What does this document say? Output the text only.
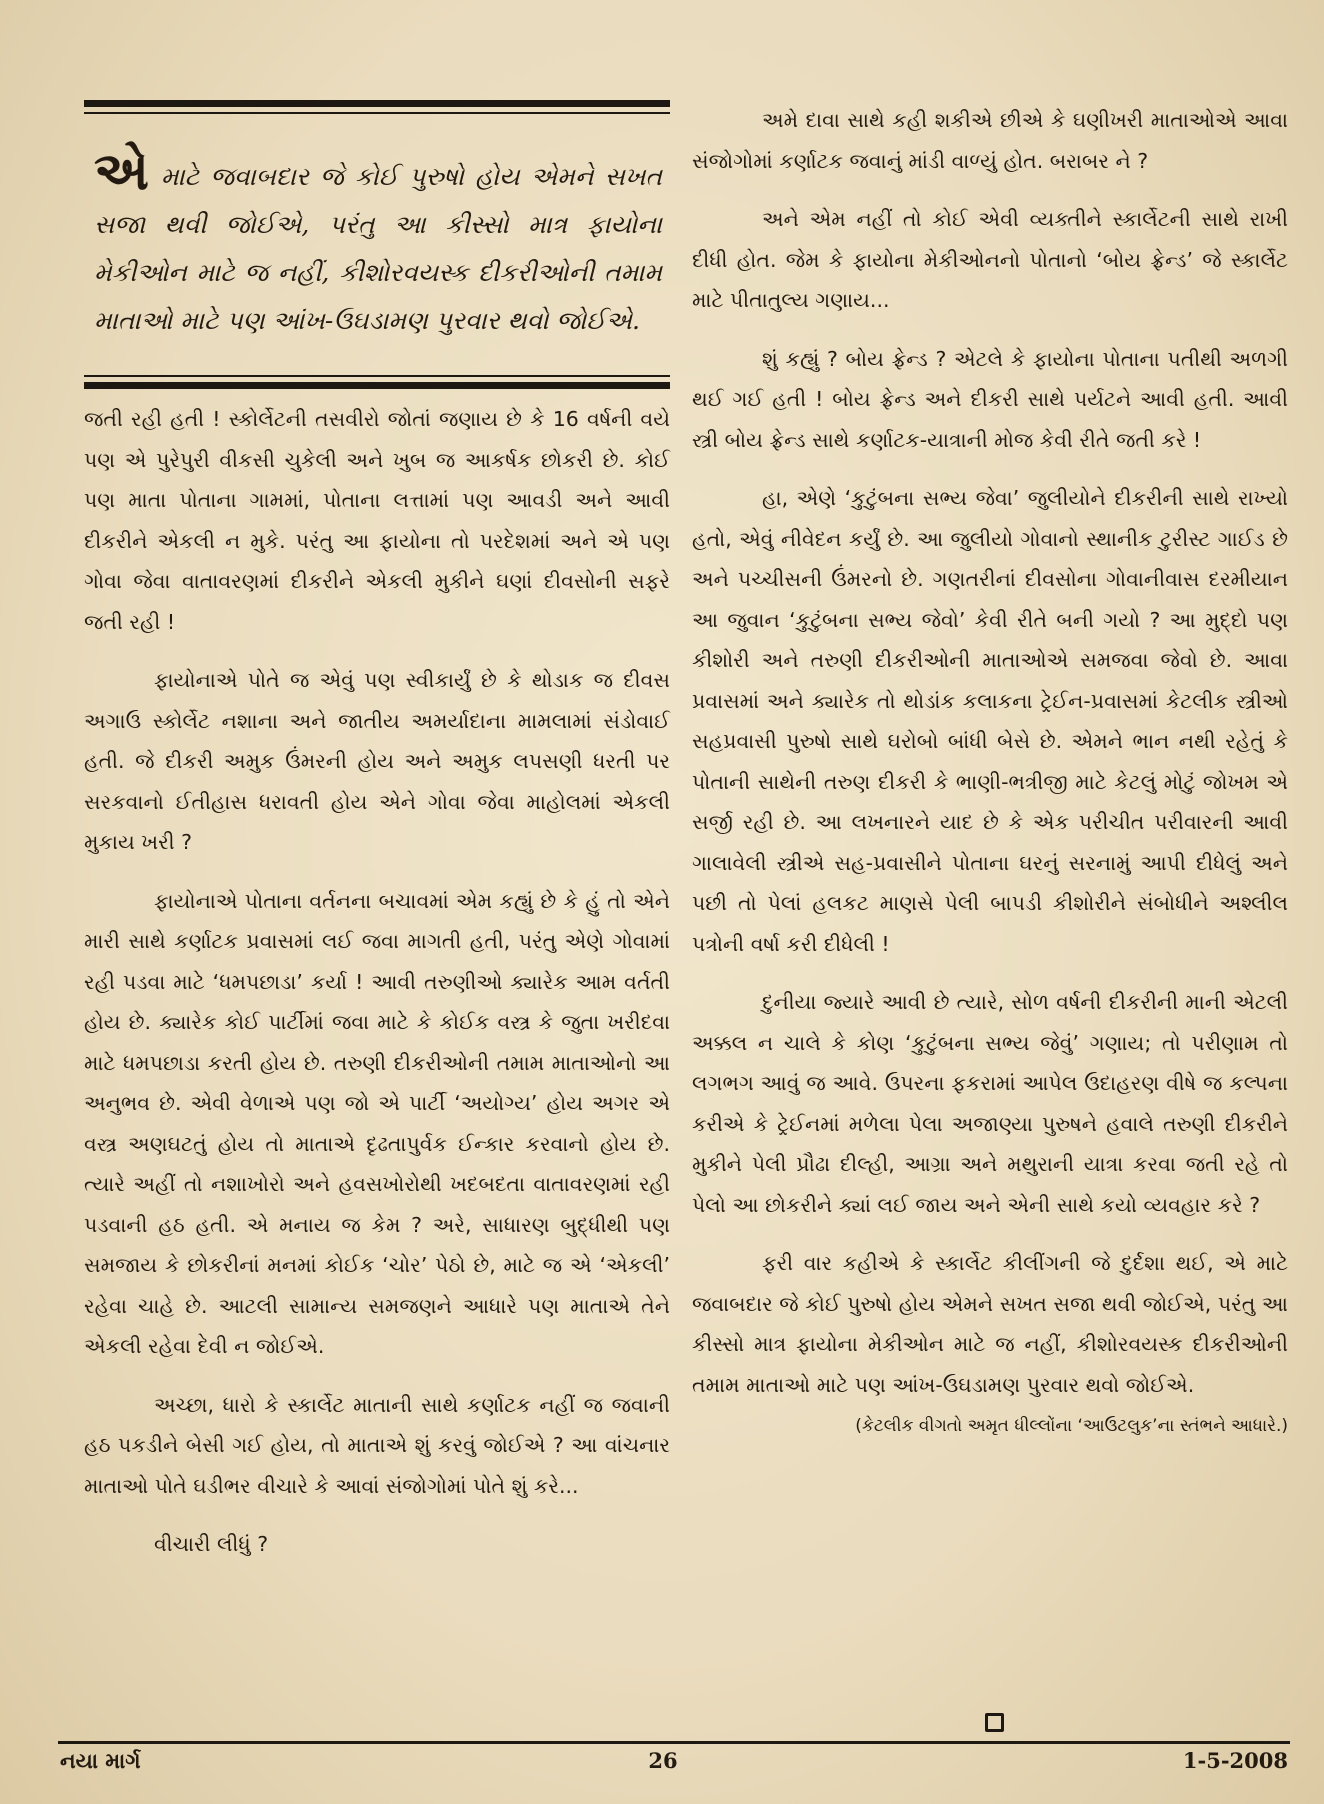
એમાટે જવાબદાર જે કોઈ પુરુષો હોય એમને સખત સજા થવી જોઈએ, પરંતુ આ કીસ્સો માત્ર ફાયોના મેકીઓન માટે જ નહીં, કીશોરવયસ્ક દીકરીઓની તમામ માતાઓ માટે પણ આંખ-ઉઘડામણ પુરવાર થવો જોઈએ.

જતી રહી હતી ! સ્કોર્લેટની તસવીરો જોતાં જણાય છે કે 16 વર્ષની વયે પણ એ પુરેપુરી વીકસી ચુકેલી અને ખુબ જ આકર્ષક છોકરી છે. કોઈ પણ માતા પોતાના ગામમાં, પોતાના લત્તામાં પણ આવડી અને આવી દીકરીને એકલી ન મુકે. પરંતુ આ ફાયોના તો પરદેશમાં અને એ પણ ગોવા જેવા વાતાવરણમાં દીકરીને એકલી મુકીને ઘણાં દીવસોની સફરે જતી રહી !

ફાયોનાએ પોતે જ એવું પણ સ્વીકાર્યું છે કે થોડાક જ દીવસ અગાઉ સ્કોર્લેટ નશાના અને જાતીય અમર્યાદાના મામલામાં સંડોવાઈ હતી. જે દીકરી અમુક ઉંમરની હોય અને અમુક લપસણી ધરતી પર સરકવાનો ઈતીહાસ ધરાવતી હોય એને ગોવા જેવા માહોલમાં એકલી મુકાય ખરી ?

ફાયોનાએ પોતાના વર્તનના બચાવમાં એમ કહ્યું છે કે હું તો એને મારી સાથે કર્ણાટક પ્રવાસમાં લઈ જવા માગતી હતી, પરંતુ એણે ગોવામાં રહી પડવા માટે ‘ધમપછાડા’ કર્યા ! આવી તરુણીઓ ક્યારેક આમ વર્તતી હોય છે. ક્યારેક કોઈ પાર્ટીમાં જવા માટે કે કોઈક વસ્ત્ર કે જુતા ખરીદવા માટે ધમપછાડા કરતી હોય છે. તરુણી દીકરીઓની તમામ માતાઓનો આ અનુભવ છે. એવી વેળાએ પણ જો એ પાર્ટી ‘અયોગ્ય’ હોય અગર એ વસ્ત્ર અણઘટતું હોય તો માતાએ દૃઢતાપુર્વક ઈન્કાર કરવાનો હોય છે. ત્યારે અહીં તો નશાખોરો અને હવસખોરોથી ખદબદતા વાતાવરણમાં રહી પડવાની હઠ હતી. એ મનાય જ કેમ ? અરે, સાધારણ બુદ્ધીથી પણ સમજાય કે છોકરીનાં મનમાં કોઈક ‘ચોર’ પેઠો છે, માટે જ એ ‘એકલી’ રહેવા ચાહે છે. આટલી સામાન્ય સમજણને આધારે પણ માતાએ તેને એકલી રહેવા દેવી ન જોઈએ.

અચ્છા, ધારો કે સ્કાર્લેટ માતાની સાથે કર્ણાટક નહીં જ જવાની હઠ પકડીને બેસી ગઈ હોય, તો માતાએ શું કરવું જોઈએ ? આ વાંચનાર માતાઓ પોતે ઘડીભર વીચારે કે આવાં સંજોગોમાં પોતે શું કરે...

વીચારી લીધું ?

અમે દાવા સાથે કહી શકીએ છીએ કે ઘણીખરી માતાઓએ આવા સંજોગોમાં કર્ણાટક જવાનું માંડી વાળ્યું હોત. બરાબર ને ?

અને એમ નહીં તો કોઈ એવી વ્યક્તીને સ્કાર્લેટની સાથે રાખી દીધી હોત. જેમ કે ફાયોના મેકીઓનનો પોતાનો ‘બોય ફ્રેન્ડ’ જે સ્કાર્લેટ માટે પીતાતુલ્ય ગણાય...

શું કહ્યું ? બોય ફ્રેન્ડ ? એટલે કે ફાયોના પોતાના પતીથી અળગી થઈ ગઈ હતી ! બોય ફ્રેન્ડ અને દીકરી સાથે પર્યટને આવી હતી. આવી સ્ત્રી બોય ફ્રેન્ડ સાથે કર્ણાટક-યાત્રાની મોજ કેવી રીતે જતી કરે !

હા, એણે ‘કુટુંબના સભ્ય જેવા’ જુલીયોને દીકરીની સાથે રાખ્યો હતો, એવું નીવેદન કર્યું છે. આ જુલીયો ગોવાનો સ્થાનીક ટુરીસ્ટ ગાઈડ છે અને પચ્ચીસની ઉંમરનો છે. ગણતરીનાં દીવસોના ગોવાનીવાસ દરમીયાન આ જુવાન ‘કુટુંબના સભ્ય જેવો’ કેવી રીતે બની ગયો ? આ મુદ્દો પણ કીશોરી અને તરુણી દીકરીઓની માતાઓએ સમજવા જેવો છે. આવા પ્રવાસમાં અને ક્યારેક તો થોડાંક કલાકના ટ્રેઈન-પ્રવાસમાં કેટલીક સ્ત્રીઓ સહપ્રવાસી પુરુષો સાથે ઘરોબો બાંધી બેસે છે. એમને ભાન નથી રહેતું કે પોતાની સાથેની તરુણ દીકરી કે ભાણી-ભત્રીજી માટે કેટલું મોટું જોખમ એ સર્જી રહી છે. આ લખનારને યાદ છે કે એક પરીચીત પરીવારની આવી ગાલાવેલી સ્ત્રીએ સહ-પ્રવાસીને પોતાના ઘરનું સરનામું આપી દીધેલું અને પછી તો પેલાં હલકટ માણસે પેલી બાપડી કીશોરીને સંબોધીને અશ્લીલ પત્રોની વર્ષા કરી દીધેલી !

દુનીયા જ્યારે આવી છે ત્યારે, સોળ વર્ષની દીકરીની માની એટલી અક્કલ ન ચાલે કે કોણ ‘કુટુંબના સભ્ય જેવું’ ગણાય; તો પરીણામ તો લગભગ આવું જ આવે. ઉપરના ફકરામાં આપેલ ઉદાહરણ વીષે જ કલ્પના કરીએ કે ટ્રેઈનમાં મળેલા પેલા અજાણ્યા પુરુષને હવાલે તરુણી દીકરીને મુકીને પેલી પ્રૌઢા દીલ્હી, આગ્રા અને મથુરાની યાત્રા કરવા જતી રહે તો પેલો આ છોકરીને ક્યાં લઈ જાય અને એની સાથે કયો વ્યવહાર કરે ?

ફરી વાર કહીએ કે સ્કાર્લેટ કીલીંગની જે દુર્દશા થઈ, એ માટે જવાબદાર જે કોઈ પુરુષો હોય એમને સખત સજા થવી જોઈએ, પરંતુ આ કીસ્સો માત્ર ફાયોના મેકીઓન માટે જ નહીં, કીશોરવયસ્ક દીકરીઓની તમામ માતાઓ માટે પણ આંખ-ઉઘડામણ પુરવાર થવો જોઈએ.

(કેટલીક વીગતો અમૃત ધીલ્લોંના ‘આઉટલુક’ના સ્તંભને આધારે.)

નયા માર્ગ	26	1-5-2008
